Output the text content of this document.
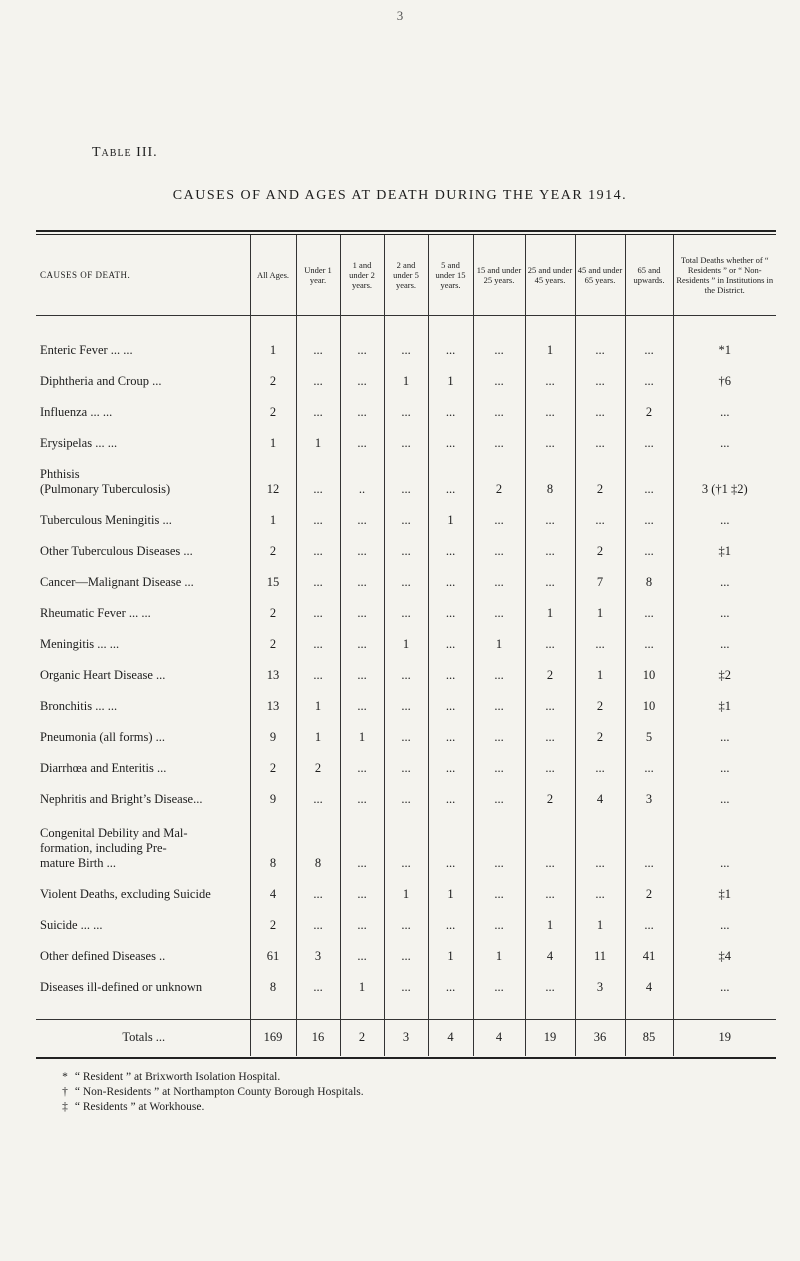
3
Table III.
CAUSES OF AND AGES AT DEATH DURING THE YEAR 1914.
CAUSES OF DEATH.	All Ages.	Under 1 year.	1 and under 2 years.	2 and under 5 years.	5 and under 15 years.	15 and under 25 years.	25 and under 45 years.	45 and under 65 years.	65 and upwards.	Total Deaths whether of “ Residents ” or “ Non-Residents ” in Institutions in the District.

Enteric Fever ... ...	1	...	...	...	...	...	1	...	...	*1
Diphtheria and Croup ...	2	...	...	1	1	...	...	...	...	†6
Influenza ... ...	2	...	...	...	...	...	...	...	2	...
Erysipelas ... ...	1	1	...	...	...	...	...	...	...	...
Phthisis
(Pulmonary Tuberculosis)	12	...	..	...	...	2	8	2	...	3 (†1 ‡2)
Tuberculous Meningitis ...	1	...	...	...	1	...	...	...	...	...
Other Tuberculous Diseases ...	2	...	...	...	...	...	...	2	...	‡1
Cancer—Malignant Disease ...	15	...	...	...	...	...	...	7	8	...
Rheumatic Fever ... ...	2	...	...	...	...	...	1	1	...	...
Meningitis ... ...	2	...	...	1	...	1	...	...	...	...
Organic Heart Disease ...	13	...	...	...	...	...	2	1	10	‡2
Bronchitis ... ...	13	1	...	...	...	...	...	2	10	‡1
Pneumonia (all forms) ...	9	1	1	...	...	...	...	2	5	...
Diarrhœa and Enteritis ...	2	2	...	...	...	...	...	...	...	...
Nephritis and Bright’s Disease...	9	...	...	...	...	...	2	4	3	...
Congenital Debility and Mal-
formation, including Pre-
mature Birth ...	8	8	...	...	...	...	...	...	...	...
Violent Deaths, excluding Suicide	4	...	...	1	1	...	...	...	2	‡1
Suicide ... ...	2	...	...	...	...	...	1	1	...	...
Other defined Diseases ..	61	3	...	...	1	1	4	11	41	‡4
Diseases ill-defined or unknown	8	...	1	...	...	...	...	3	4	...

Totals ...	169	16	2	3	4	4	19	36	85	19
* “ Resident ” at Brixworth Isolation Hospital.
† “ Non-Residents ” at Northampton County Borough Hospitals.
‡ “ Residents ” at Workhouse.
